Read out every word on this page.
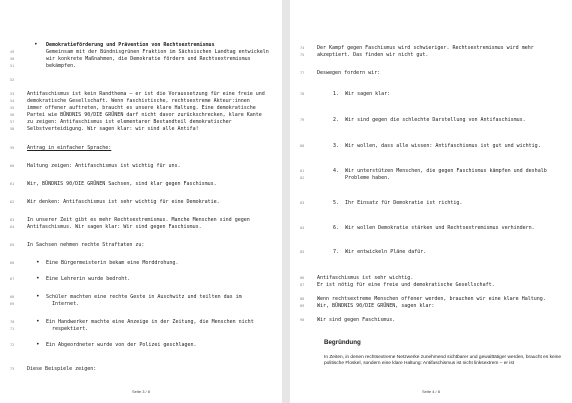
• Demokratieförderung und Prävention von Rechtsextremismus
49	Gemeinsam mit der Bündnisgrünen Fraktion im Sächsischen Landtag entwickeln
50	wir konkrete Maßnahmen, die Demokratie fördern und Rechtsextremismus
51	bekämpfen.
52
53	Antifaschismus ist kein Randthema – er ist die Voraussetzung für eine freie und
54	demokratische Gesellschaft. Wenn faschistische, rechtsextreme Akteur:innen
55	immer offener auftreten, braucht es unsere klare Haltung. Eine demokratische
56	Partei wie BÜNDNIS 90/DIE GRÜNEN darf nicht davor zurückschrecken, klare Kante
57	zu zeigen: Antifaschismus ist elementarer Bestandteil demokratischer
58	Selbstverteidigung. Wir sagen klar: wir sind alle Antifa!
59	Antrag in einfacher Sprache:
60	Haltung zeigen: Antifaschismus ist wichtig für uns.
61	Wir, BÜNDNIS 90/DIE GRÜNEN Sachsen, sind klar gegen Faschismus.
62	Wir denken: Antifaschismus ist sehr wichtig für eine Demokratie.
63	In unserer Zeit gibt es mehr Rechtsextremismus. Manche Menschen sind gegen
64	Antifaschismus. Wir sagen klar: Wir sind gegen Faschismus.
65	In Sachsen nehmen rechte Straftaten zu:
66	• Eine Bürgermeisterin bekam eine Morddrohung.
67	• Eine Lehrerin wurde bedroht.
68	• Schüler machten eine rechte Geste in Auschwitz und teilten das im
69	Internet.
70	• Ein Handwerker machte eine Anzeige in der Zeitung, die Menschen nicht
71	respektiert.
72	• Ein Abgeordneter wurde von der Polizei geschlagen.
73	Diese Beispiele zeigen:
Seite 3 / 8
74	Der Kampf gegen Faschismus wird schwieriger. Rechtsextremismus wird mehr
75	akzeptiert. Das finden wir nicht gut.
77	Deswegen fordern wir:
78	1.  Wir sagen klar:
79	2.  Wir sind gegen die schlechte Darstellung von Antifaschismus.
80	3.  Wir wollen, dass alle wissen: Antifaschismus ist gut und wichtig.
81	4.  Wir unterstützen Menschen, die gegen Faschismus kämpfen und deshalb
82	Probleme haben.
83	5.  Ihr Einsatz für Demokratie ist richtig.
84	6.  Wir wollen Demokratie stärken und Rechtsextremismus verhindern.
85	7.  Wir entwickeln Pläne dafür.
86	Antifaschismus ist sehr wichtig.
87	Er ist nötig für eine freie und demokratische Gesellschaft.
88	Wenn rechtsextreme Menschen offener werden, brauchen wir eine klare Haltung.
89	Wir, BÜNDNIS 90/DIE GRÜNEN, sagen klar:
90	Wir sind gegen Faschismus.
Begründung
In Zeiten, in denen rechtsextreme Netzwerke zunehmend sichtbarer und gewalttätiger werden, braucht es keine politische Floskel, sondern eine klare Haltung: Antifaschismus ist nicht linksextrem – er ist
Seite 4 / 8
